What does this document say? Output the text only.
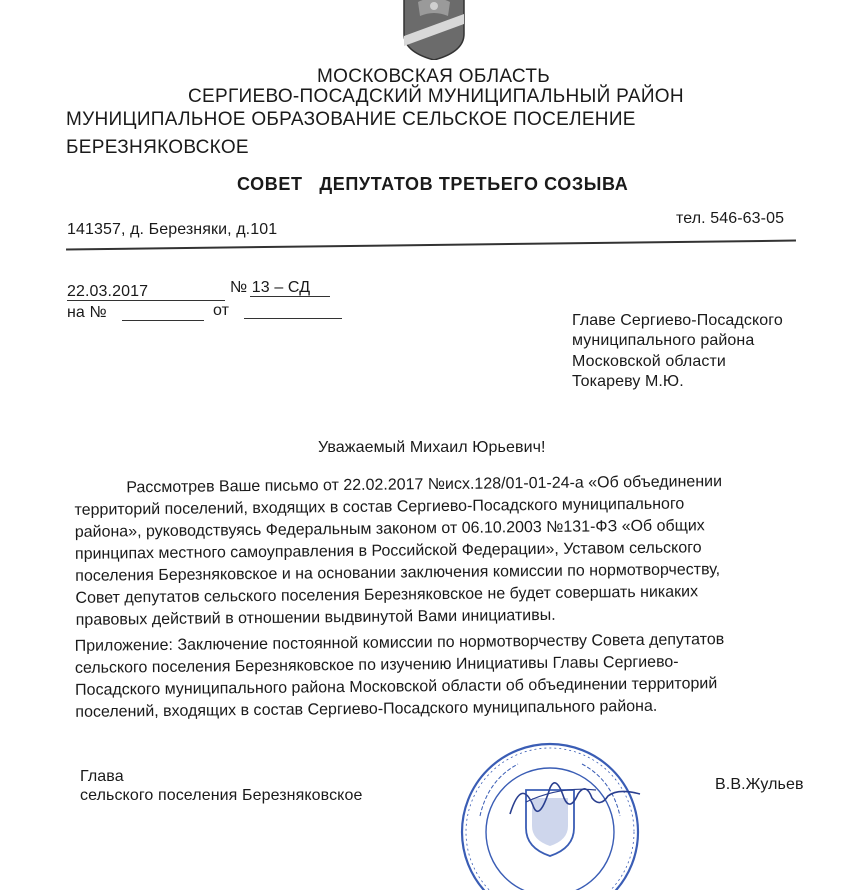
МОСКОВСКАЯ ОБЛАСТЬ
СЕРГИЕВО-ПОСАДСКИЙ МУНИЦИПАЛЬНЫЙ РАЙОН
МУНИЦИПАЛЬНОЕ ОБРАЗОВАНИЕ СЕЛЬСКОЕ ПОСЕЛЕНИЕ
БЕРЕЗНЯКОВСКОЕ
СОВЕТ   ДЕПУТАТОВ ТРЕТЬЕГО СОЗЫВА
141357, д. Березняки, д.101
тел. 546-63-05
22.03.2017	№ 13 – СД
на №	от
Главе Сергиево-Посадского
муниципального района
Московской области
Токареву М.Ю.
Уважаемый Михаил Юрьевич!
Рассмотрев Ваше письмо от 22.02.2017 №исх.128/01-01-24-а «Об объединении
территорий поселений, входящих в состав Сергиево-Посадского муниципального
района», руководствуясь Федеральным законом от 06.10.2003 №131-ФЗ «Об общих
принципах местного самоуправления в Российской Федерации», Уставом сельского
поселения Березняковское и на основании заключения комиссии по нормотворчеству,
Совет депутатов сельского поселения Березняковское не будет совершать никаких
правовых действий в отношении выдвинутой Вами инициативы.
Приложение: Заключение постоянной комиссии по нормотворчеству Совета депутатов
сельского поселения Березняковское по изучению Инициативы Главы Сергиево-
Посадского муниципального района Московской области об объединении территорий
поселений, входящих в состав Сергиево-Посадского муниципального района.
Глава
сельского поселения Березняковское
В.В.Жульев
